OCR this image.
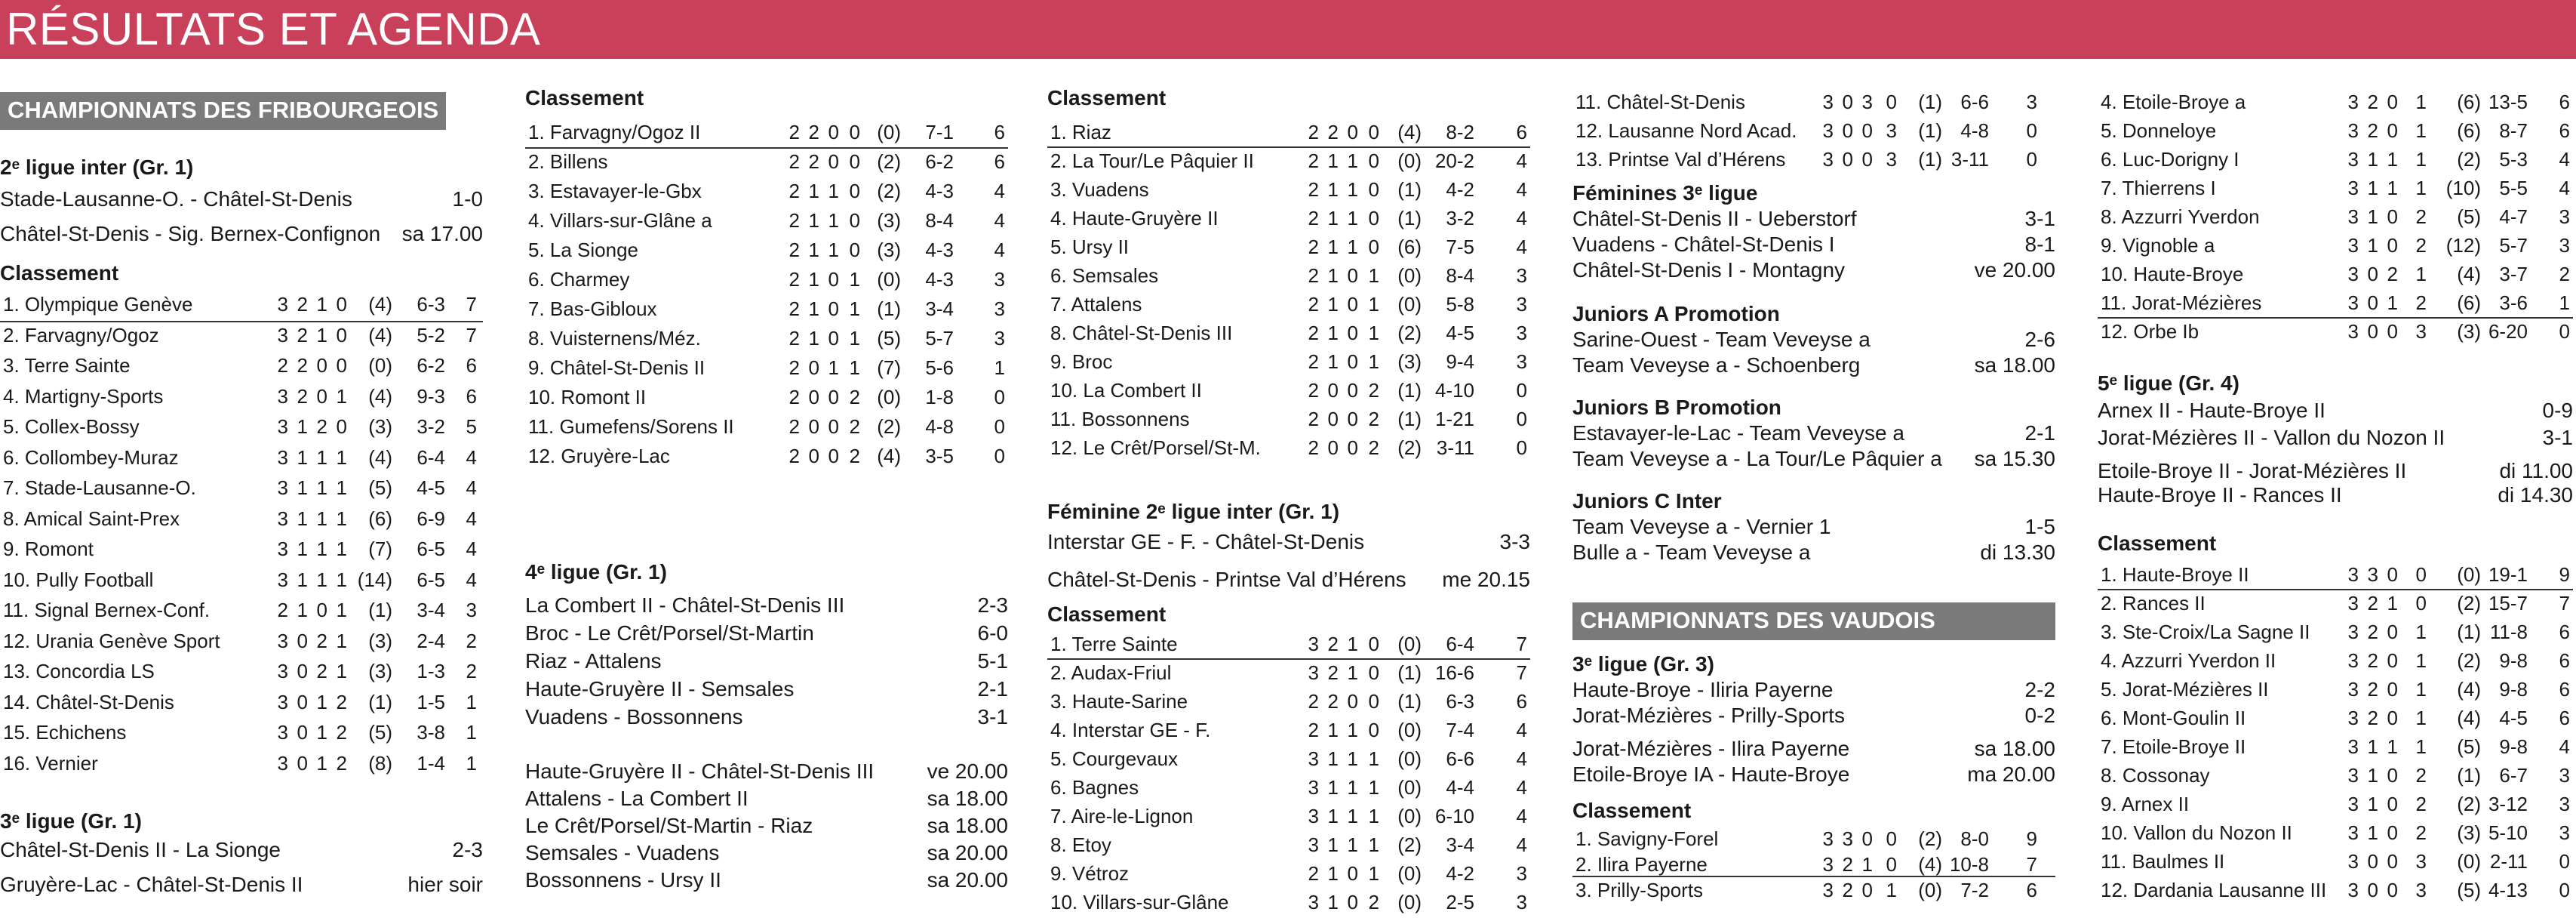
RÉSULTATS ET AGENDA
CHAMPIONNATS DES FRIBOURGEOIS
2ᵉ ligue inter (Gr. 1)
Stade-Lausanne-O. - Châtel-St-Denis	1-0
Châtel-St-Denis - Sig. Bernex-Confignon	sa 17.00
Classement
1. Olympique Genève	3 2 1 0	(4)	6-3	7
2. Farvagny/Ogoz	3 2 1 0	(4)	5-2	7
3. Terre Sainte	2 2 0 0	(0)	6-2	6
4. Martigny-Sports	3 2 0 1	(4)	9-3	6
5. Collex-Bossy	3 1 2 0	(3)	3-2	5
6. Collombey-Muraz	3 1 1 1	(4)	6-4	4
7. Stade-Lausanne-O.	3 1 1 1	(5)	4-5	4
8. Amical Saint-Prex	3 1 1 1	(6)	6-9	4
9. Romont	3 1 1 1	(7)	6-5	4
10. Pully Football	3 1 1 1 (14)	6-5	4
11. Signal Bernex-Conf.	2 1 0 1	(1)	3-4	3
12. Urania Genève Sport	3 0 2 1	(3)	2-4	2
13. Concordia LS	3 0 2 1	(3)	1-3	2
14. Châtel-St-Denis	3 0 1 2	(1)	1-5	1
15. Echichens	3 0 1 2	(5)	3-8	1
16. Vernier	3 0 1 2	(8)	1-4	1
3ᵉ ligue (Gr. 1)
Châtel-St-Denis II - La Sionge	2-3
Gruyère-Lac - Châtel-St-Denis II	hier soir
Classement
1. Farvagny/Ogoz II	2 2 0 0 (0)	7-1	6
2. Billens	2 2 0 0 (2)	6-2	6
3. Estavayer-le-Gbx	2 1 1 0 (2)	4-3	4
4. Villars-sur-Glâne a	2 1 1 0 (3)	8-4	4
5. La Sionge	2 1 1 0 (3)	4-3	4
6. Charmey	2 1 0 1 (0)	4-3	3
7. Bas-Gibloux	2 1 0 1 (1)	3-4	3
8. Vuisternens/Méz.	2 1 0 1 (5)	5-7	3
9. Châtel-St-Denis II	2 0 1 1 (7)	5-6	1
10. Romont II	2 0 0 2 (0)	1-8	0
11. Gumefens/Sorens II	2 0 0 2 (2)	4-8	0
12. Gruyère-Lac	2 0 0 2 (4)	3-5	0
4ᵉ ligue (Gr. 1)
La Combert II - Châtel-St-Denis III	2-3
Broc - Le Crêt/Porsel/St-Martin	6-0
Riaz - Attalens	5-1
Haute-Gruyère II - Semsales	2-1
Vuadens - Bossonnens	3-1
Haute-Gruyère II - Châtel-St-Denis III	ve 20.00
Attalens - La Combert II	sa 18.00
Le Crêt/Porsel/St-Martin - Riaz	sa 18.00
Semsales - Vuadens	sa 20.00
Bossonnens - Ursy II	sa 20.00
Classement
1. Riaz	2 2 0 0 (4)	8-2	6
2. La Tour/Le Pâquier II	2 1 1 0 (0) 20-2	4
3. Vuadens	2 1 1 0 (1)	4-2	4
4. Haute-Gruyère II	2 1 1 0 (1)	3-2	4
5. Ursy II	2 1 1 0 (6)	7-5	4
6. Semsales	2 1 0 1 (0)	8-4	3
7. Attalens	2 1 0 1 (0)	5-8	3
8. Châtel-St-Denis III	2 1 0 1 (2)	4-5	3
9. Broc	2 1 0 1 (3)	9-4	3
10. La Combert II	2 0 0 2 (1) 4-10	0
11. Bossonnens	2 0 0 2 (1) 1-21	0
12. Le Crêt/Porsel/St-M.	2 0 0 2 (2) 3-11	0
Féminine 2ᵉ ligue inter (Gr. 1)
Interstar GE - F. - Châtel-St-Denis	3-3
Châtel-St-Denis - Printse Val d’Hérens	me 20.15
Classement
1. Terre Sainte	3 2 1 0 (0)	6-4	7
2. Audax-Friul	3 2 1 0 (1) 16-6	7
3. Haute-Sarine	2 2 0 0 (1)	6-3	6
4. Interstar GE - F.	2 1 1 0 (0)	7-4	4
5. Courgevaux	3 1 1 1 (0)	6-6	4
6. Bagnes	3 1 1 1 (0)	4-4	4
7. Aire-le-Lignon	3 1 1 1 (0) 6-10	4
8. Etoy	3 1 1 1 (2)	3-4	4
9. Vétroz	2 1 0 1 (0)	4-2	3
10. Villars-sur-Glâne	3 1 0 2 (0)	2-5	3
11. Châtel-St-Denis	3 0 3 0	(1) 6-6	3
12. Lausanne Nord Acad.	3 0 0 3	(1) 4-8	0
13. Printse Val d’Hérens	3 0 0 3	(1) 3-11	0
Féminines 3ᵉ ligue
Châtel-St-Denis II - Ueberstorf	3-1
Vuadens - Châtel-St-Denis I	8-1
Châtel-St-Denis I - Montagny	ve 20.00
Juniors A Promotion
Sarine-Ouest - Team Veveyse a	2-6
Team Veveyse a - Schoenberg	sa 18.00
Juniors B Promotion
Estavayer-le-Lac - Team Veveyse a	2-1
Team Veveyse a - La Tour/Le Pâquier a	sa 15.30
Juniors C Inter
Team Veveyse a - Vernier 1	1-5
Bulle a - Team Veveyse a	di 13.30
CHAMPIONNATS DES VAUDOIS
3ᵉ ligue (Gr. 3)
Haute-Broye - Iliria Payerne	2-2
Jorat-Mézières - Prilly-Sports	0-2
Jorat-Mézières - Ilira Payerne	sa 18.00
Etoile-Broye IA - Haute-Broye	ma 20.00
Classement
1. Savigny-Forel	3 3 0 0	(2) 8-0	9
2. Ilira Payerne	3 2 1 0	(4) 10-8	7
3. Prilly-Sports	3 2 0 1	(0) 7-2	6
4. Etoile-Broye a	3 2 0 1	(6) 13-5	6
5. Donneloye	3 2 0 1	(6) 8-7	6
6. Luc-Dorigny I	3 1 1 1	(2) 5-3	4
7. Thierrens I	3 1 1 1 (10) 5-5	4
8. Azzurri Yverdon	3 1 0 2	(5) 4-7	3
9. Vignoble a	3 1 0 2 (12) 5-7	3
10. Haute-Broye	3 0 2 1	(4) 3-7	2
11. Jorat-Mézières	3 0 1 2	(6) 3-6	1
12. Orbe Ib	3 0 0 3	(3) 6-20	0
5ᵉ ligue (Gr. 4)
Arnex II - Haute-Broye II	0-9
Jorat-Mézières II - Vallon du Nozon II	3-1
Etoile-Broye II - Jorat-Mézières II	di 11.00
Haute-Broye II - Rances II	di 14.30
Classement
1. Haute-Broye II	3 3 0 0	(0) 19-1	9
2. Rances II	3 2 1 0	(2) 15-7	7
3. Ste-Croix/La Sagne II	3 2 0 1	(1) 11-8	6
4. Azzurri Yverdon II	3 2 0 1	(2) 9-8	6
5. Jorat-Mézières II	3 2 0 1	(4) 9-8	6
6. Mont-Goulin II	3 2 0 1	(4) 4-5	6
7. Etoile-Broye II	3 1 1 1	(5) 9-8	4
8. Cossonay	3 1 0 2	(1) 6-7	3
9. Arnex II	3 1 0 2	(2) 3-12	3
10. Vallon du Nozon II	3 1 0 2	(3) 5-10	3
11. Baulmes II	3 0 0 3	(0) 2-11	0
12. Dardania Lausanne III	3 0 0 3	(5) 4-13	0
